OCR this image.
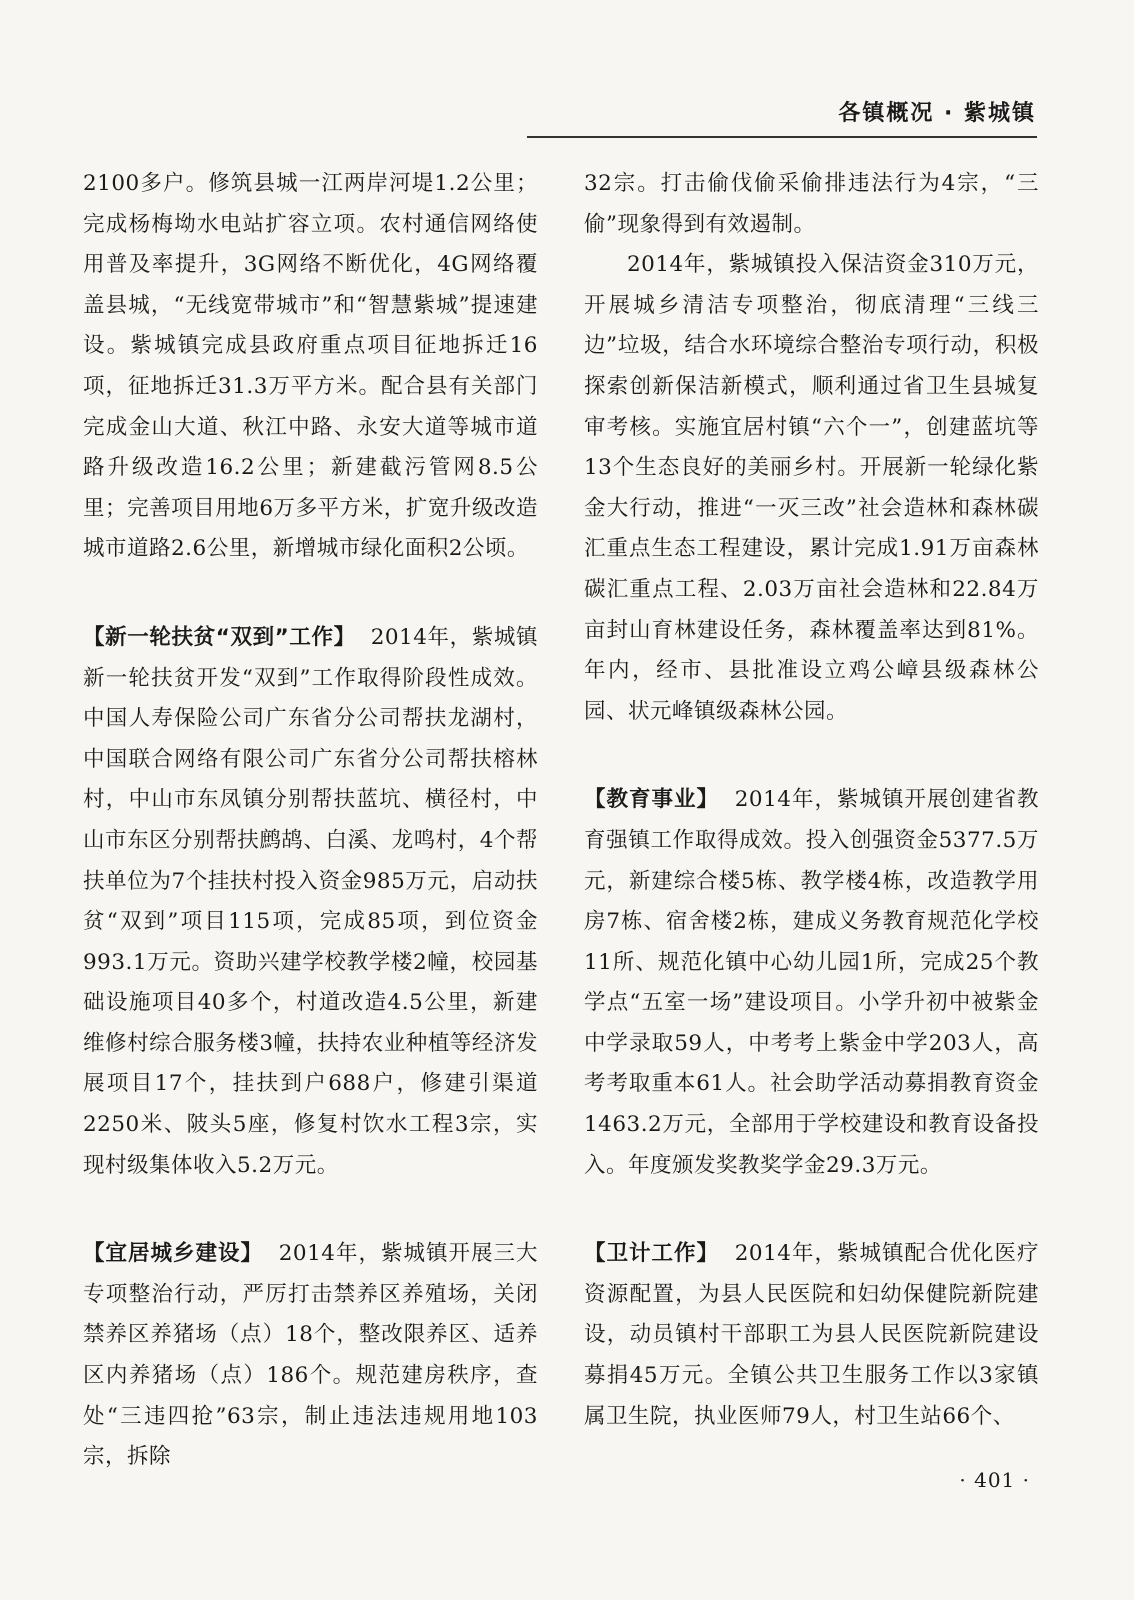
各镇概况 · 紫城镇

2100多户。修筑县城一江两岸河堤1.2公里；完成杨梅坳水电站扩容立项。农村通信网络使用普及率提升，3G网络不断优化，4G网络覆盖县城，“无线宽带城市”和“智慧紫城”提速建设。紫城镇完成县政府重点项目征地拆迁16项，征地拆迁31.3万平方米。配合县有关部门完成金山大道、秋江中路、永安大道等城市道路升级改造16.2公里；新建截污管网8.5公里；完善项目用地6万多平方米，扩宽升级改造城市道路2.6公里，新增城市绿化面积2公顷。

【新一轮扶贫“双到”工作】 2014年，紫城镇新一轮扶贫开发“双到”工作取得阶段性成效。中国人寿保险公司广东省分公司帮扶龙湖村，中国联合网络有限公司广东省分公司帮扶榕林村，中山市东凤镇分别帮扶蓝坑、横径村，中山市东区分别帮扶鹧鸪、白溪、龙鸣村，4个帮扶单位为7个挂扶村投入资金985万元，启动扶贫“双到”项目115项，完成85项，到位资金993.1万元。资助兴建学校教学楼2幢，校园基础设施项目40多个，村道改造4.5公里，新建维修村综合服务楼3幢，扶持农业种植等经济发展项目17个，挂扶到户688户，修建引渠道2250米、陂头5座，修复村饮水工程3宗，实现村级集体收入5.2万元。

【宜居城乡建设】 2014年，紫城镇开展三大专项整治行动，严厉打击禁养区养殖场，关闭禁养区养猪场（点）18个，整改限养区、适养区内养猪场（点）186个。规范建房秩序，查处“三违四抢”63宗，制止违法违规用地103宗，拆除

32宗。打击偷伐偷采偷排违法行为4宗，“三偷”现象得到有效遏制。

2014年，紫城镇投入保洁资金310万元，开展城乡清洁专项整治，彻底清理“三线三边”垃圾，结合水环境综合整治专项行动，积极探索创新保洁新模式，顺利通过省卫生县城复审考核。实施宜居村镇“六个一”，创建蓝坑等13个生态良好的美丽乡村。开展新一轮绿化紫金大行动，推进“一灭三改”社会造林和森林碳汇重点生态工程建设，累计完成1.91万亩森林碳汇重点工程、2.03万亩社会造林和22.84万亩封山育林建设任务，森林覆盖率达到81%。年内，经市、县批准设立鸡公嶂县级森林公园、状元峰镇级森林公园。

【教育事业】 2014年，紫城镇开展创建省教育强镇工作取得成效。投入创强资金5377.5万元，新建综合楼5栋、教学楼4栋，改造教学用房7栋、宿舍楼2栋，建成义务教育规范化学校11所、规范化镇中心幼儿园1所，完成25个教学点“五室一场”建设项目。小学升初中被紫金中学录取59人，中考考上紫金中学203人，高考考取重本61人。社会助学活动募捐教育资金1463.2万元，全部用于学校建设和教育设备投入。年度颁发奖教奖学金29.3万元。

【卫计工作】 2014年，紫城镇配合优化医疗资源配置，为县人民医院和妇幼保健院新院建设，动员镇村干部职工为县人民医院新院建设募捐45万元。全镇公共卫生服务工作以3家镇属卫生院，执业医师79人，村卫生站66个、

· 401 ·
